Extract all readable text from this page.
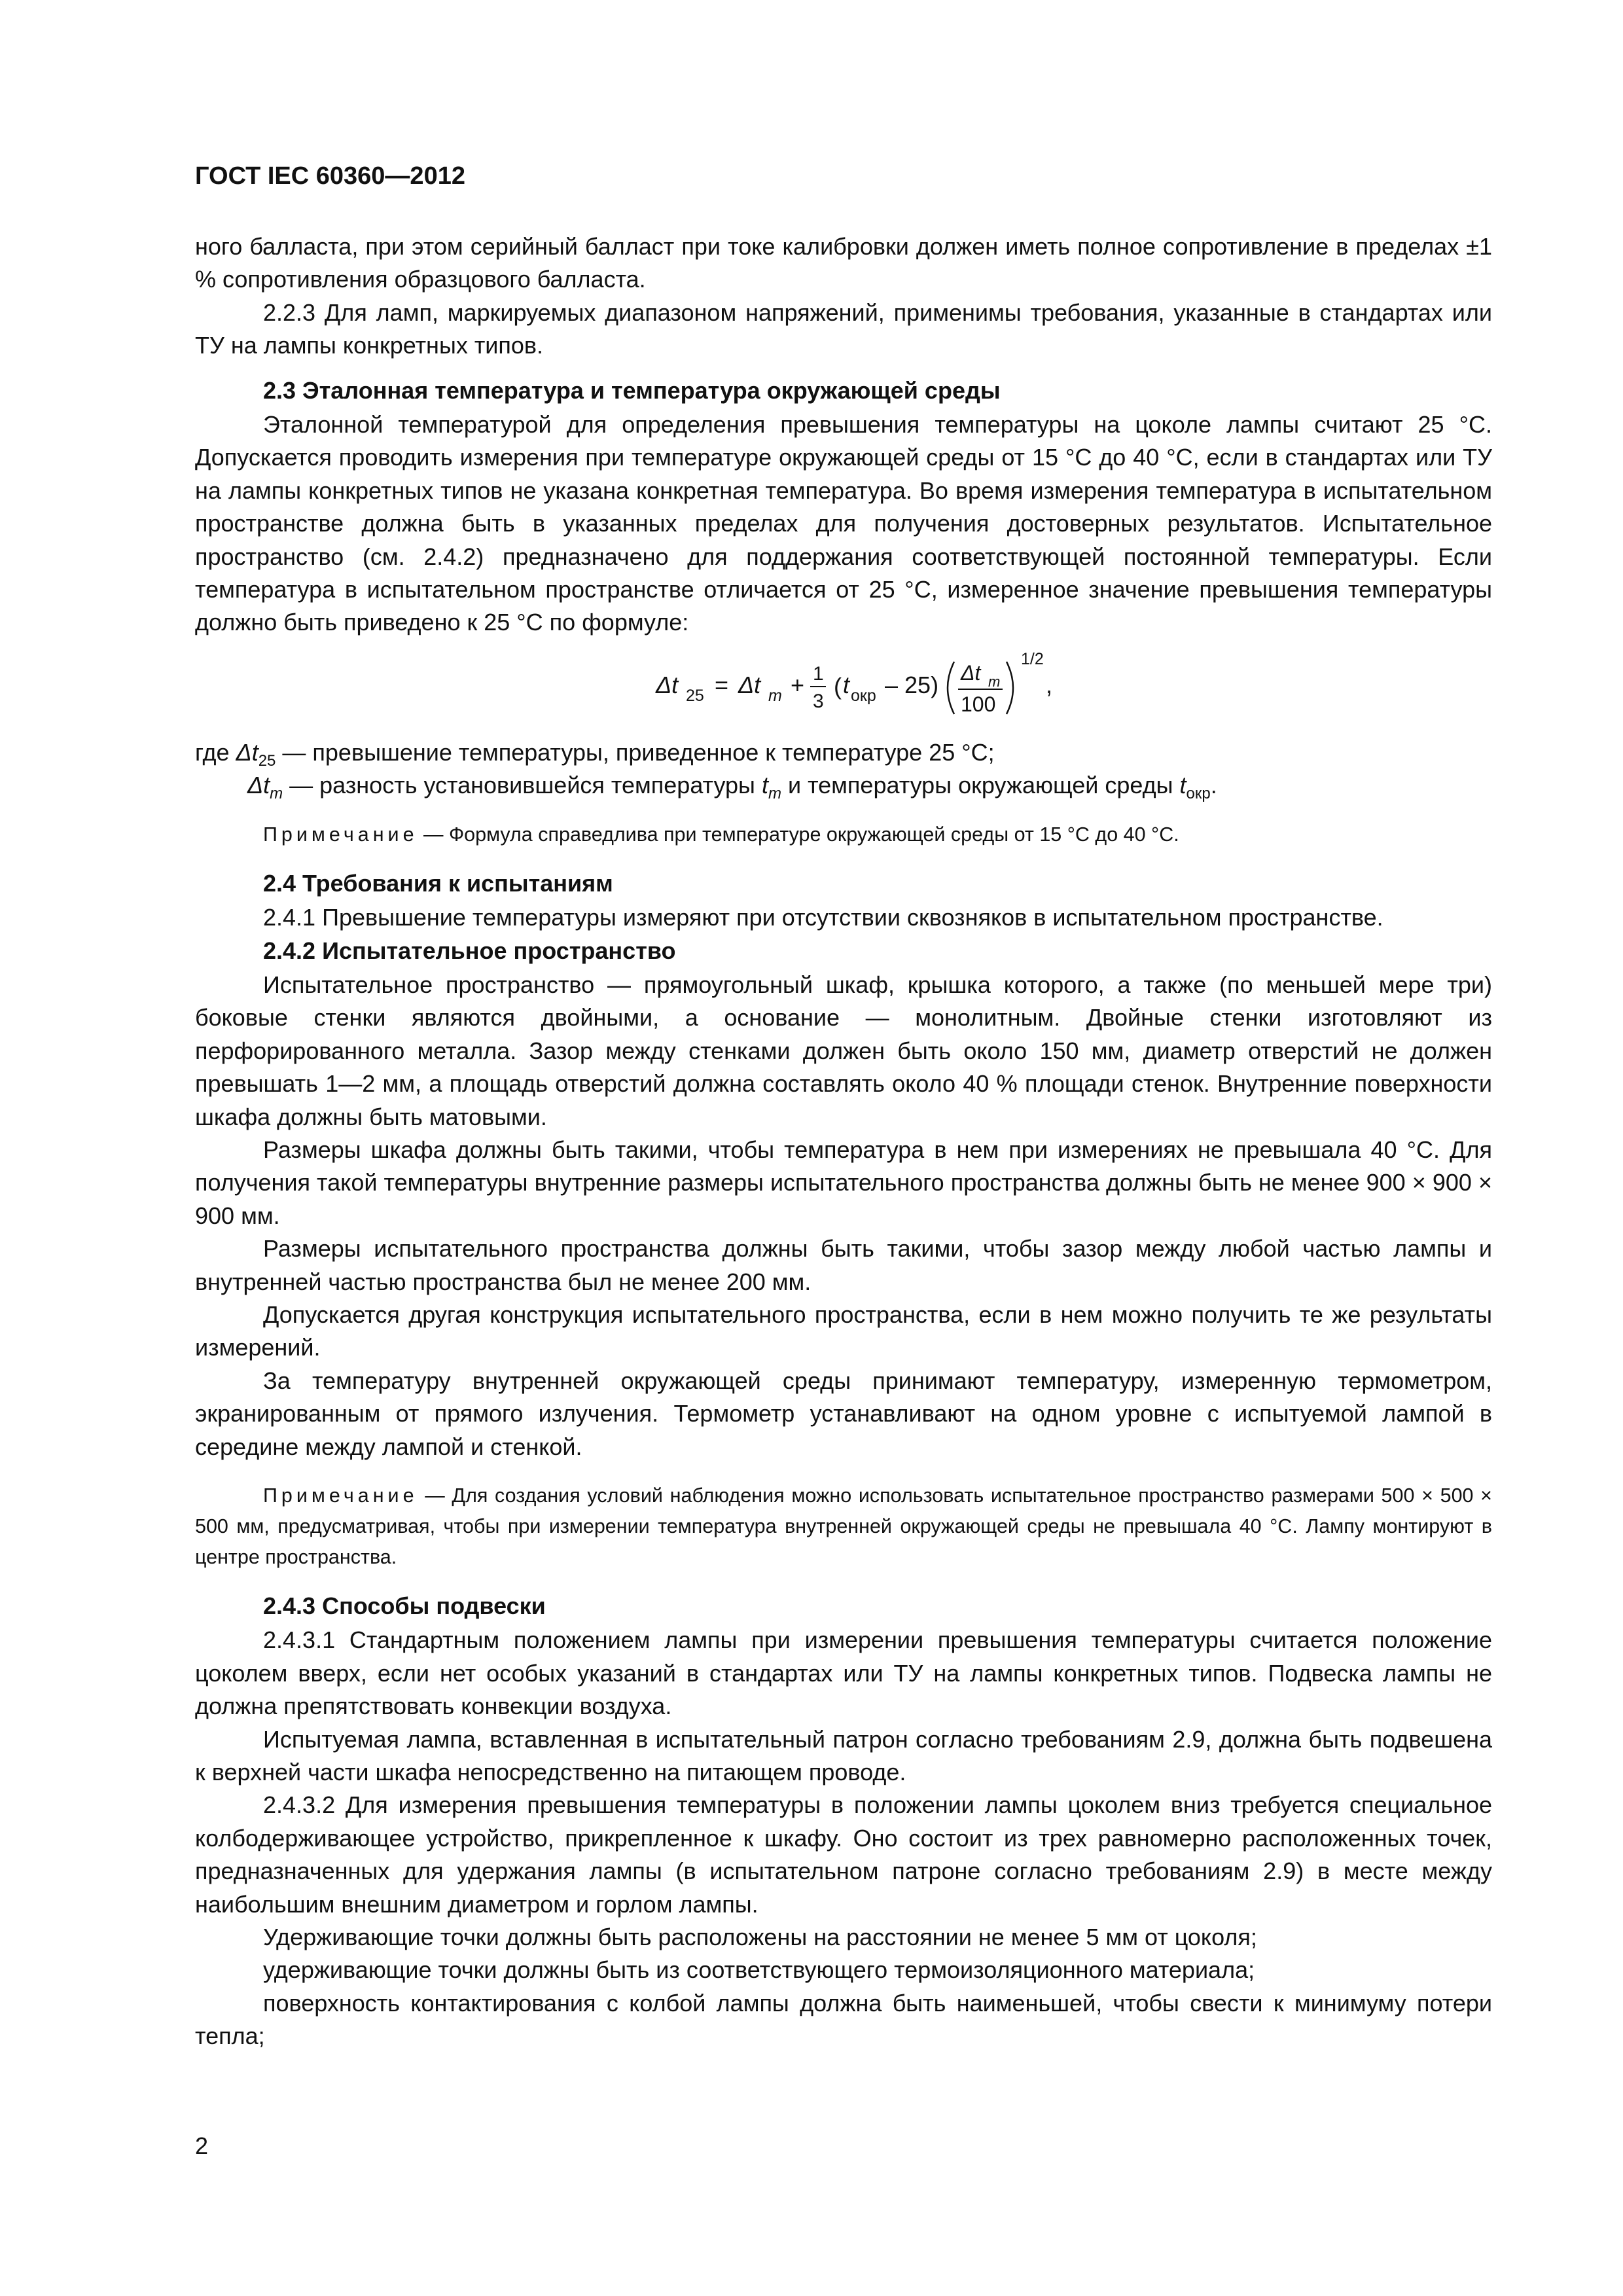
ГОСТ IEC 60360—2012

ного балласта, при этом серийный балласт при токе калибровки должен иметь полное сопротивление в пределах ±1 % сопротивления образцового балласта.

2.2.3 Для ламп, маркируемых диапазоном напряжений, применимы требования, указанные в стандартах или ТУ на лампы конкретных типов.

2.3 Эталонная температура и температура окружающей среды

Эталонной температурой для определения превышения температуры на цоколе лампы считают 25 °С. Допускается проводить измерения при температуре окружающей среды от 15 °С до 40 °С, если в стандартах или ТУ на лампы конкретных типов не указана конкретная температура. Во время измерения температура в испытательном пространстве должна быть в указанных пределах для получения достоверных результатов. Испытательное пространство (см. 2.4.2) предназначено для поддержания соответствующей постоянной температуры. Если температура в испытательном пространстве отличается от 25 °С, измеренное значение превышения температуры должно быть приведено к 25 °С по формуле:

Δt 25 = Δt m + 1
3
( t окр – 25) Δt m
100
1/2
,

где $\Delta t_{25}$ — превышение температуры, приведенное к температуре 25 °С;

$\Delta t_m$ — разность установившейся температуры $t_m$ и температуры окружающей среды $t_{окр}$.

Примечание — Формула справедлива при температуре окружающей среды от 15 °С до 40 °С.

2.4 Требования к испытаниям

2.4.1 Превышение температуры измеряют при отсутствии сквозняков в испытательном пространстве.

2.4.2 Испытательное пространство

Испытательное пространство — прямоугольный шкаф, крышка которого, а также (по меньшей мере три) боковые стенки являются двойными, а основание — монолитным. Двойные стенки изготовляют из перфорированного металла. Зазор между стенками должен быть около 150 мм, диаметр отверстий не должен превышать 1—2 мм, а площадь отверстий должна составлять около 40 % площади стенок. Внутренние поверхности шкафа должны быть матовыми.

Размеры шкафа должны быть такими, чтобы температура в нем при измерениях не превышала 40 °С. Для получения такой температуры внутренние размеры испытательного пространства должны быть не менее 900 × 900 × 900 мм.

Размеры испытательного пространства должны быть такими, чтобы зазор между любой частью лампы и внутренней частью пространства был не менее 200 мм.

Допускается другая конструкция испытательного пространства, если в нем можно получить те же результаты измерений.

За температуру внутренней окружающей среды принимают температуру, измеренную термометром, экранированным от прямого излучения. Термометр устанавливают на одном уровне с испытуемой лампой в середине между лампой и стенкой.

Примечание — Для создания условий наблюдения можно использовать испытательное пространство размерами 500 × 500 × 500 мм, предусматривая, чтобы при измерении температура внутренней окружающей среды не превышала 40 °С. Лампу монтируют в центре пространства.

2.4.3 Способы подвески

2.4.3.1 Стандартным положением лампы при измерении превышения температуры считается положение цоколем вверх, если нет особых указаний в стандартах или ТУ на лампы конкретных типов. Подвеска лампы не должна препятствовать конвекции воздуха.

Испытуемая лампа, вставленная в испытательный патрон согласно требованиям 2.9, должна быть подвешена к верхней части шкафа непосредственно на питающем проводе.

2.4.3.2 Для измерения превышения температуры в положении лампы цоколем вниз требуется специальное колбодерживающее устройство, прикрепленное к шкафу. Оно состоит из трех равномерно расположенных точек, предназначенных для удержания лампы (в испытательном патроне согласно требованиям 2.9) в месте между наибольшим внешним диаметром и горлом лампы.

Удерживающие точки должны быть расположены на расстоянии не менее 5 мм от цоколя;

удерживающие точки должны быть из соответствующего термоизоляционного материала;

поверхность контактирования с колбой лампы должна быть наименьшей, чтобы свести к минимуму потери тепла;

2
